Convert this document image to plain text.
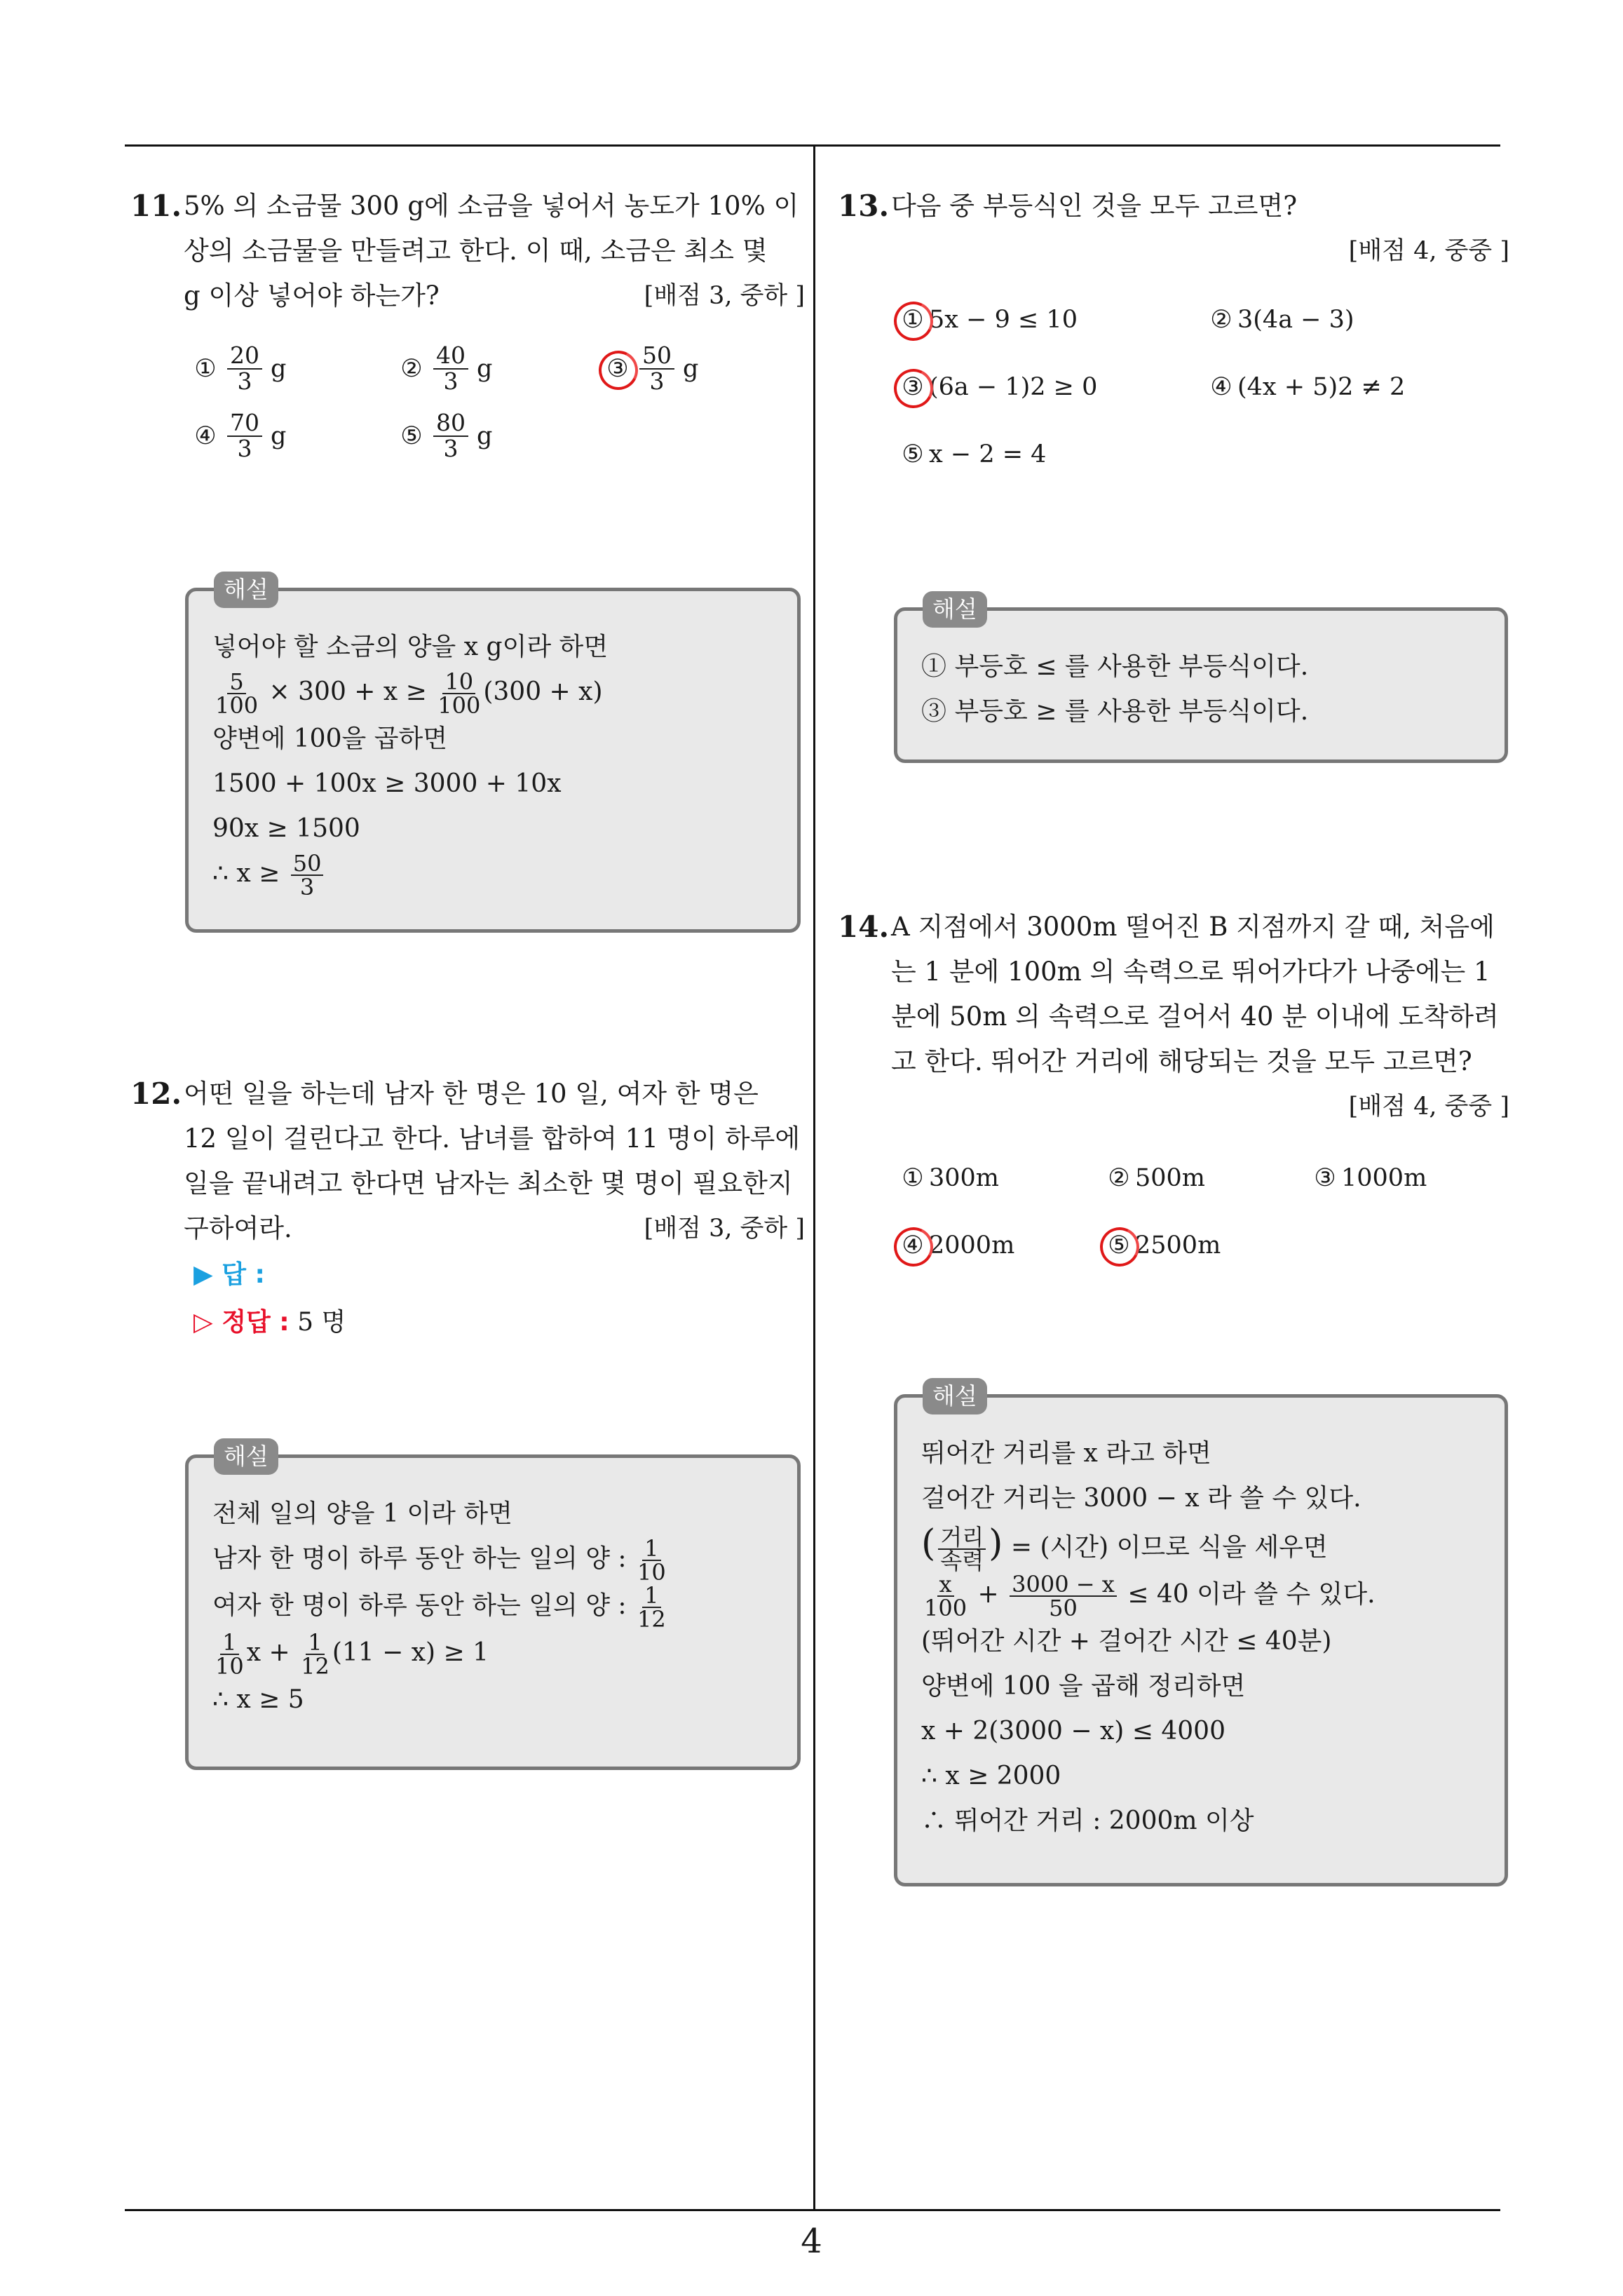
11. 5% 의 소금물 300 g에 소금을 넣어서 농도가 10% 이

상의 소금물을 만들려고 한다. 이 때, 소금은 최소 몇

g 이상 넣어야 하는가?	[배점 3, 중하 ]

① $\frac{20}{3}$ g	② $\frac{40}{3}$ g	③ $\frac{50}{3}$ g
④ $\frac{70}{3}$ g	⑤ $\frac{80}{3}$ g
해설
넣어야 할 소금의 양을 x g이라 하면
$\frac{5}{100} \times 300 + x \ge \frac{10}{100} (300 + x)$
양변에 100을 곱하면
1500 + 100x ≥ 3000 + 10x
90x ≥ 1500
∴ $x \ge \frac{50}{3}$
12. 어떤 일을 하는데 남자 한 명은 10 일, 여자 한 명은

12 일이 걸린다고 한다. 남녀를 합하여 11 명이 하루에

일을 끝내려고 한다면 남자는 최소한 몇 명이 필요한지

구하여라.	[배점 3, 중하 ]

▶ 답 :
▷ 정답 : 5 명
해설
전체 일의 양을 1 이라 하면
남자 한 명이 하루 동안 하는 일의 양 : $\frac{1}{10}$
여자 한 명이 하루 동안 하는 일의 양 : $\frac{1}{12}$
$\frac{1}{10}$ $x + \frac{1}{12} (11 - x) \ge 1$
∴ x ≥ 5
13. 다음 중 부등식인 것을 모두 고르면?

[배점 4, 중중 ]
① 5x − 9 ≤ 10	② 3(4a − 3)
③ (6a − 1)2 ≥ 0	④ (4x + 5)2 ≠ 2
⑤ x − 2 = 4
해설
① 부등호 ≤ 를 사용한 부등식이다.
③ 부등호 ≥ 를 사용한 부등식이다.
14. A 지점에서 3000m 떨어진 B 지점까지 갈 때, 처음에

는 1 분에 100m 의 속력으로 뛰어가다가 나중에는 1

분에 50m 의 속력으로 걸어서 40 분 이내에 도착하려

고 한다. 뛰어간 거리에 해당되는 것을 모두 고르면?

[배점 4, 중중 ]
① 300m	② 500m	③ 1000m
④ 2000m	⑤ 2500m
해설
뛰어간 거리를 x 라고 하면
걸어간 거리는 3000 − x 라 쓸 수 있다.
( 거리
속력 ) = (시간) 이므로 식을 세우면
$\frac{x}{100} + \frac{3000 - x}{50} \le 40$ 이라 쓸 수 있다.
(뛰어간 시간 + 걸어간 시간 ≤ 40분)
양변에 100 을 곱해 정리하면
x + 2(3000 − x) ≤ 4000
∴ x ≥ 2000
∴ 뛰어간 거리 : 2000m 이상
4
